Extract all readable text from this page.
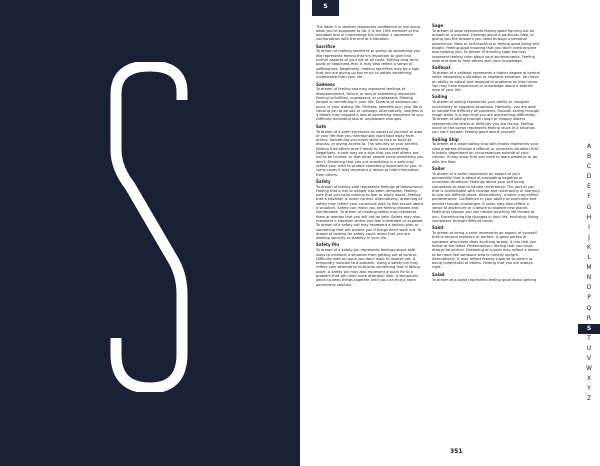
S
The letter S in dreams represents confidence or not doing what you're supposed to do. S is the 19th member of the alphabet and in numerology the number 1 represents confrontation with the end of a situation.
Sacrifice
To dream of making sacrifices or giving up something you like represents feeling that it's important to give into further aspects of your life at all costs. Putting long term goals or happiness first. It may also reflect a sense of selflessness. Negatively, making sacrifices may be a sign that you are giving up too much to obtain something undesirable from your life.
Sadness
To dream of feeling sad may represent feelings of disappointment, failure, or loss of something important. Feeling unfulfilled, unpleasant, or unpleasant. Missing people or something in your life. Dreams of sadness can occur in your waking life. Perhaps, something in your life is causing you to be sad or unhappy. Alternatively, sadness in a dream may suggest a loss of something important to you. Difficulty accepting loss or unpleasant changes.
Safe
To dream of a safe represents an aspect of yourself or area of your life that you intentionally want kept away from others. Something you never want to face or have to discuss, or giving access to. The security of your secrets. Feeling that others aren't ready to know something. Negatively, a safe may be a sign that you feel others are not to be trusted, or that other people know something you don't. Dreaming that you put something in a safe may reflect your wish to protect something important to you. In some cases it may represent a desire to hide information from others.
Safety
To dream of feeling safe represents feelings of reassurance. Feeling that a risk or danger has been removed. Feeling sure that you have nothing to fear or worry about. Feeling that a situation is under control. Alternatively, dreaming of safety may reflect your conscious wish to feel secure about a situation. Safety can mean you are feeling relaxed and comfortable. To dream of needing safety may represent fears or worries that you will not be safe. Safety may also represent a situation where you feel vulnerable or exposed. To dream of a safety net may represent a backup plan or something that will protect you if things don't work out. To dream of looking for safety could mean that you are seeking security or stability in your life.
Safety Pin
To dream of a safety pin represents feelings about safe ways to maintain a situation from getting out of control. Difficulty with an issue you don't want to resolve yet. A temporary solution to a problem. Using a safety pin may reflect your attempt to hold onto something that is falling apart. A safety pin may also represent a quick fix to a problem that will need more attention later. A temporary patch to keep things together until you can find a more permanent solution.
Sage
To dream of sage represents feeling good figuring out an answer or a purpose. Feelings about a particular idea, or giving you the answers you need through a personal experience. Note or self-teaching or feeling good being self-taught. Feeling good knowing that you don't need anyone else helping you. To dream of drinking sage tea may represent feeling calm about your achievements. Feeling wise and able to help others with your knowledge.
Sailboat
To dream of a sailboat represents a higher degree of control while navigating a situation or negative situation. You have an ability to adjust and respond to problems as they come. You may have experience or knowledge about a specific area of your life.
Sailing
To dream of sailing represents your ability to navigate uncertainty or negative situations. Honestly, you are able to handle the difficulty of problems. Smooth sailing through rough water is a sign that you are overcoming difficulties. To dream of sailing through rough or choppy waters represents the stress or difficulty you are facing. Feeling stuck on the ocean represents feeling stuck in a situation you can't escape. Feeling good about yourself.
Sailing Ship
To dream of a large sailing ship with masts represents your slow progress through a difficult or uncertain situation that is totally dependent on circumstances outside of your control. It may show that you need to learn patience or go with the flow.
Sailor
To dream of a sailor represents an aspect of your personality that is adept at navigating negative or uncertain situations. Feelings about your self being competent or able to handle uncertainty. The part of you that is comfortable with change and uncertainty or learning to ride out difficult times. Alternatively, a sailor may reflect perseverance. Confidence in your ability to overcome and persist through challenges. A sailor may also reflect a sense of adventure or a desire to explore new places. Feeling as though you can handle anything life throws at you. Experiencing big changes in your life, enduring. Being competent through difficult times.
Saint
To dream of being a saint represents an aspect of yourself that is beyond reproach or perfect. A good person or someone who never does anything wrong. A rule that you follow to the letter. Perfectionism, feeling that you must always be perfect. Dreaming of a saint may reflect a desire to be more like someone who is morally upright. Alternatively, it may reflect feeling superior to others or being judgmental of others. Feeling that you are always right.
Salad
To dream of a salad represents feeling good about getting
A
B
C
D
E
F
G
H
I
J
K
L
M
N
O
P
Q
R
S
T
U
V
W
X
Y
Z
351
